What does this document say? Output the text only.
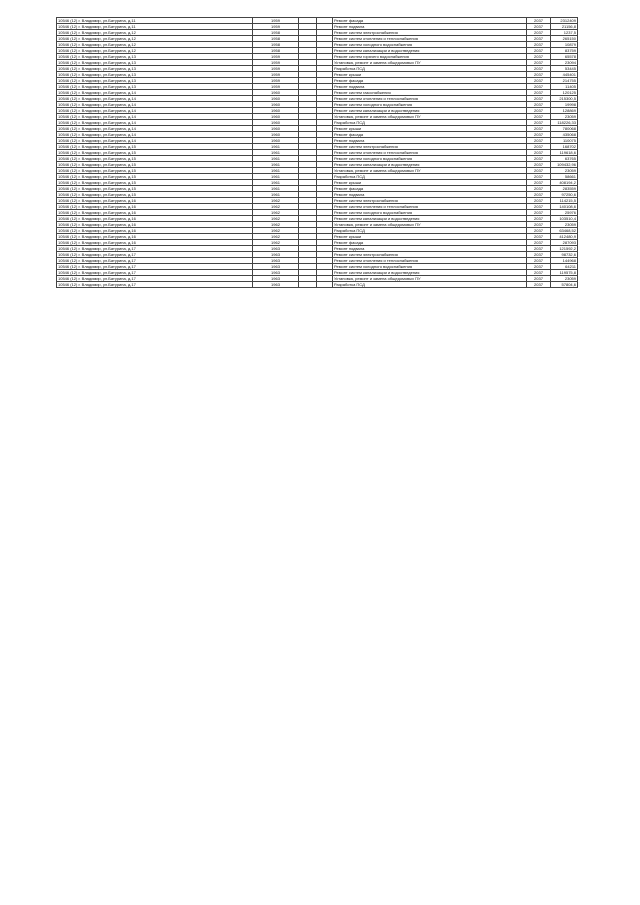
10546 (12) г. Владимир, ул.Батурина, д.11	1959			Ремонт фасада	2037	2312409
10546 (12) г. Владимир, ул.Батурина, д.11	1959			Ремонт подвала	2037	21156,8
10546 (12) г. Владимир, ул.Батурина, д.12	1958			Ремонт систем электроснабжения	2037	1237,5
10546 (12) г. Владимир, ул.Батурина, д.12	1958			Ремонт систем отопления и теплоснабжения	2037	265150
10546 (12) г. Владимир, ул.Батурина, д.12	1958			Ремонт систем холодного водоснабжения	2037	10879
10546 (12) г. Владимир, ул.Батурина, д.12	1958			Ремонт систем канализации и водоотведения	2037	83759
10546 (12) г. Владимир, ул.Батурина, д.13	1959			Ремонт систем горячего водоснабжения	2037	65578
10546 (12) г. Владимир, ул.Батурина, д.13	1959			Установка, ремонт и замена общедомовых ПУ	2037	23094
10546 (12) г. Владимир, ул.Батурина, д.13	1959			Разработка ПСД	2037	53445
10546 (12) г. Владимир, ул.Батурина, д.13	1959			Ремонт крыши	2037	445401
10546 (12) г. Владимир, ул.Батурина, д.13	1959			Ремонт фасада	2037	214755
10546 (12) г. Владимир, ул.Батурина, д.13	1959			Ремонт подвала	2037	11405
10546 (12) г. Владимир, ул.Батурина, д.14	1960			Ремонт систем газоснабжения	2037	120125
10546 (12) г. Владимир, ул.Батурина, д.14	1960			Ремонт систем отопления и теплоснабжения	2037	215300,5
10546 (12) г. Владимир, ул.Батурина, д.14	1960			Ремонт систем холодного водоснабжения	2037	19998
10546 (12) г. Владимир, ул.Батурина, д.14	1960			Ремонт систем канализации и водоотведения	2037	128869
10546 (12) г. Владимир, ул.Батурина, д.14	1960			Установка, ремонт и замена общедомовых ПУ	2037	23059
10546 (12) г. Владимир, ул.Батурина, д.14	1960			Разработка ПСД	2037	118226,33
10546 (12) г. Владимир, ул.Батурина, д.14	1960			Ремонт крыши	2037	780068
10546 (12) г. Владимир, ул.Батурина, д.14	1960			Ремонт фасада	2037	435068
10546 (12) г. Владимир, ул.Батурина, д.14	1960			Ремонт подвала	2037	110075
10546 (12) г. Владимир, ул.Батурина, д.15	1961			Ремонт систем электроснабжения	2037	168702
10546 (12) г. Владимир, ул.Батурина, д.15	1961			Ремонт систем отопления и теплоснабжения	2037	119618,6
10546 (12) г. Владимир, ул.Батурина, д.15	1961			Ремонт систем холодного водоснабжения	2037	63765
10546 (12) г. Владимир, ул.Батурина, д.15	1961			Ремонт систем канализации и водоотведения	2037	109432,96
10546 (12) г. Владимир, ул.Батурина, д.15	1961			Установка, ремонт и замена общедомовых ПУ	2037	23059
10546 (12) г. Владимир, ул.Батурина, д.15	1961			Разработка ПСД	2037	58661
10546 (12) г. Владимир, ул.Батурина, д.15	1961			Ремонт крыши	2037	408194,2
10546 (12) г. Владимир, ул.Батурина, д.15	1961			Ремонт фасада	2037	283559
10546 (12) г. Владимир, ул.Батурина, д.15	1961			Ремонт подвала	2037	97250,6
10546 (12) г. Владимир, ул.Батурина, д.16	1962			Ремонт систем электроснабжения	2037	114215,5
10546 (12) г. Владимир, ул.Батурина, д.16	1962			Ремонт систем отопления и теплоснабжения	2037	140108,6
10546 (12) г. Владимир, ул.Батурина, д.16	1962			Ремонт систем холодного водоснабжения	2037	25976
10546 (12) г. Владимир, ул.Батурина, д.16	1962			Ремонт систем канализации и водоотведения	2037	103510,4
10546 (12) г. Владимир, ул.Батурина, д.16	1962			Установка, ремонт и замена общедомовых ПУ	2037	23059
10546 (12) г. Владимир, ул.Батурина, д.16	1962			Разработка ПСД	2037	63468,52
10546 (12) г. Владимир, ул.Батурина, д.16	1962			Ремонт крыши	2037	412480,9
10546 (12) г. Владимир, ул.Батурина, д.16	1962			Ремонт фасада	2037	287093
10546 (12) г. Владимир, ул.Батурина, д.17	1963			Ремонт подвала	2037	121592,2
10546 (12) г. Владимир, ул.Батурина, д.17	1963			Ремонт систем электроснабжения	2037	98732,6
10546 (12) г. Владимир, ул.Батурина, д.17	1963			Ремонт систем отопления и теплоснабжения	2037	144968
10546 (12) г. Владимир, ул.Батурина, д.17	1963			Ремонт систем холодного водоснабжения	2037	64211
10546 (12) г. Владимир, ул.Батурина, д.17	1963			Ремонт систем канализации и водоотведения	2037	119575,8
10546 (12) г. Владимир, ул.Батурина, д.17	1963			Установка, ремонт и замена общедомовых ПУ	2037	23059
10546 (12) г. Владимир, ул.Батурина, д.17	1963			Разработка ПСД	2037	57804,6
